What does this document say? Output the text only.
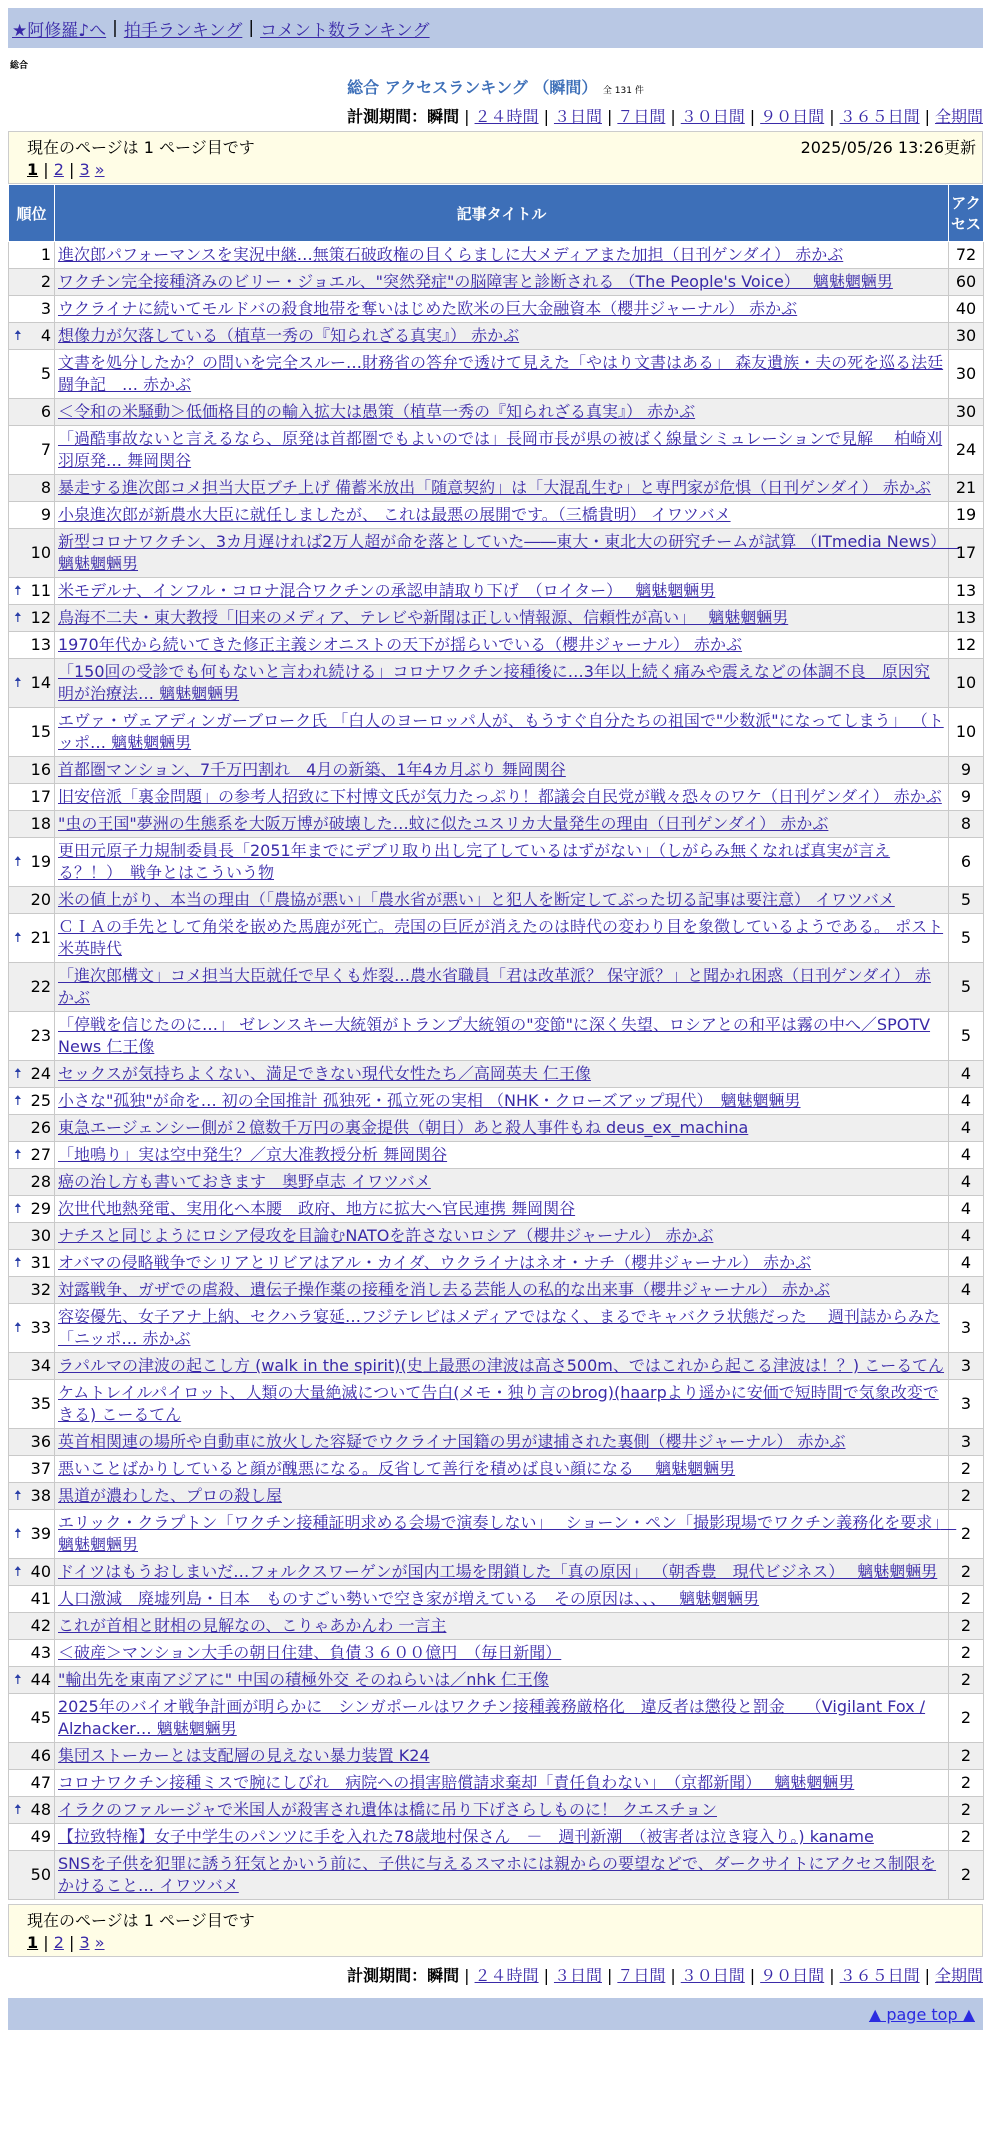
★阿修羅♪へ | 拍手ランキング | コメント数ランキング
総合
総合 アクセスランキング （瞬間） 全 131 件
計測期間：瞬間 | ２４時間 | ３日間 | ７日間 | ３０日間 | ９０日間 | ３６５日間 | 全期間
現在のページは 1 ページ目です	2025/05/26 13:26更新
1 | 2 | 3 »
順位	記事タイトル	アクセス
1	進次郎パフォーマンスを実況中継…無策石破政権の目くらましに大メディアまた加担（日刊ゲンダイ） 赤かぶ	72
2	ワクチン完全接種済みのビリー・ジョエル、"突然発症"の脳障害と診断される （The People's Voice）　 魑魅魍魎男	60
3	ウクライナに続いてモルドバの殺食地帯を奪いはじめた欧米の巨大金融資本（櫻井ジャーナル） 赤かぶ	40

🠅 4	想像力が欠落している（植草一秀の『知られざる真実』） 赤かぶ	30
5	文書を処分したか？の問いを完全スルー…財務省の答弁で透けて見えた「やはり文書はある」 森友遺族・夫の死を巡る法廷闘争記　… 赤かぶ	30
6	＜令和の米騒動＞低価格目的の輸入拡大は愚策（植草一秀の『知られざる真実』） 赤かぶ	30
7	「過酷事故ないと言えるなら、原発は首都圏でもよいのでは」長岡市長が県の被ばく線量シミュレーションで見解　 柏崎刈羽原発… 舞岡関谷	24
8	暴走する進次郎コメ担当大臣ブチ上げ 備蓄米放出「随意契約」は「大混乱生む」と専門家が危惧（日刊ゲンダイ） 赤かぶ	21
9	小泉進次郎が新農水大臣に就任しましたが、 これは最悪の展開です。（三橋貴明） イワツバメ	19
10	新型コロナワクチン、3カ月遅ければ2万人超が命を落としていた――東大・東北大の研究チームが試算 （ITmedia News）　 魑魅魍魎男	17

🠅 11	米モデルナ、インフル・コロナ混合ワクチンの承認申請取り下げ　（ロイター）　 魑魅魍魎男	13

🠅 12	鳥海不二夫・東大教授「旧来のメディア、テレビや新聞は正しい情報源、信頼性が高い」　 魑魅魍魎男	13
13	1970年代から続いてきた修正主義シオニストの天下が揺らいでいる（櫻井ジャーナル） 赤かぶ	12

🠅 14	「150回の受診でも何もないと言われ続ける」コロナワクチン接種後に…3年以上続く痛みや震えなどの体調不良　原因究明が治療法… 魑魅魍魎男	10
15	エヴァ・ヴェアディンガーブローク氏 「白人のヨーロッパ人が、もうすぐ自分たちの祖国で"少数派"になってしまう」 （トッポ… 魑魅魍魎男	10
16	首都圏マンション、7千万円割れ　4月の新築、1年4カ月ぶり 舞岡関谷	9
17	旧安倍派「裏金問題」の参考人招致に下村博文氏が気力たっぷり！都議会自民党が戦々恐々のワケ（日刊ゲンダイ） 赤かぶ	9
18	"虫の王国"夢洲の生態系を大阪万博が破壊した…蚊に似たユスリカ大量発生の理由（日刊ゲンダイ） 赤かぶ	8

🠅 19	更田元原子力規制委員長「2051年までにデブリ取り出し完了しているはずがない」（しがらみ無くなれば真実が言える？！）　戦争とはこういう物	6
20	米の値上がり、本当の理由（「農協が悪い」「農水省が悪い」と犯人を断定してぶった切る記事は要注意） イワツバメ	5

🠅 21	ＣＩＡの手先として角栄を嵌めた馬鹿が死亡。売国の巨匠が消えたのは時代の変わり目を象徴しているようである。 ポスト米英時代	5
22	「進次郎構文」コメ担当大臣就任で早くも炸裂…農水省職員「君は改革派？ 保守派？」と聞かれ困惑（日刊ゲンダイ） 赤かぶ	5
23	「停戦を信じたのに…」 ゼレンスキー大統領がトランプ大統領の"変節"に深く失望、ロシアとの和平は霧の中へ／SPOTV News 仁王像	5

🠅 24	セックスが気持ちよくない、満足できない現代女性たち／高岡英夫 仁王像	4

🠅 25	小さな"孤独"が命を… 初の全国推計 孤独死・孤立死の実相 （NHK・クローズアップ現代）　魑魅魍魎男	4
26	東急エージェンシー側が２億数千万円の裏金提供（朝日）あと殺人事件もね deus_ex_machina	4

🠅 27	「地鳴り」実は空中発生？／京大准教授分析 舞岡関谷	4
28	癌の治し方も書いておきます　奥野卓志 イワツバメ	4

🠅 29	次世代地熱発電、実用化へ本腰　政府、地方に拡大へ官民連携 舞岡関谷	4
30	ナチスと同じようにロシア侵攻を目論むNATOを許さないロシア（櫻井ジャーナル） 赤かぶ	4

🠅 31	オバマの侵略戦争でシリアとリビアはアル・カイダ、ウクライナはネオ・ナチ（櫻井ジャーナル） 赤かぶ	4
32	対露戦争、ガザでの虐殺、遺伝子操作薬の接種を消し去る芸能人の私的な出来事（櫻井ジャーナル） 赤かぶ	4

🠅 33	容姿優先、女子アナ上納、セクハラ宴延…フジテレビはメディアではなく、まるでキャバクラ状態だった　 週刊誌からみた「ニッポ… 赤かぶ	3
34	ラパルマの津波の起こし方 (walk in the spirit)(史上最悪の津波は高さ500m、ではこれから起こる津波は！？) こーるてん	3
35	ケムトレイルパイロット、人類の大量絶滅について告白(メモ・独り言のbrog)(haarpより遥かに安価で短時間で気象改変できる) こーるてん	3
36	英首相関連の場所や自動車に放火した容疑でウクライナ国籍の男が逮捕された裏側（櫻井ジャーナル） 赤かぶ	3
37	悪いことばかりしていると顔が醜悪になる。反省して善行を積めば良い顔になる　 魑魅魍魎男	2

🠅 38	黒道が濃わした、プロの殺し屋	2

🠅 39	エリック・クラプトン「ワクチン接種証明求める会場で演奏しない」　 ショーン・ペン「撮影現場でワクチン義務化を要求」　魑魅魍魎男	2

🠅 40	ドイツはもうおしまいだ…フォルクスワーゲンが国内工場を閉鎖した「真の原因」 （朝香豊　現代ビジネス）　 魑魅魍魎男	2
41	人口激減　廃墟列島・日本　ものすごい勢いで空き家が増えている　その原因は、、、　 魑魅魍魎男	2
42	これが首相と財相の見解なの、こりゃあかんわ 一言主	2
43	＜破産＞マンション大手の朝日住建、負債３６００億円　（毎日新聞）	2

🠅 44	"輸出先を東南アジアに" 中国の積極外交 そのねらいは／nhk 仁王像	2
45	2025年のバイオ戦争計画が明らかに　シンガポールはワクチン接種義務厳格化　違反者は懲役と罰金　 （Vigilant Fox / Alzhacker… 魑魅魍魎男	2
46	集団ストーカーとは支配層の見えない暴力装置 K24	2
47	コロナワクチン接種ミスで腕にしびれ　病院への損害賠償請求棄却「責任負わない」　（京都新聞）　 魑魅魍魎男	2

🠅 48	イラクのファルージャで米国人が殺害され遺体は橋に吊り下げさらしものに！ クエスチョン	2
49	【拉致特権】女子中学生のパンツに手を入れた78歳地村保さん　－　週刊新潮　（被害者は泣き寝入り。) kaname	2
50	SNSを子供を犯罪に誘う狂気とかいう前に、子供に与えるスマホには親からの要望などで、ダークサイトにアクセス制限をかけること… イワツバメ	2
現在のページは 1 ページ目です
1 | 2 | 3 »
計測期間：瞬間 | ２４時間 | ３日間 | ７日間 | ３０日間 | ９０日間 | ３６５日間 | 全期間
▲ page top ▲
